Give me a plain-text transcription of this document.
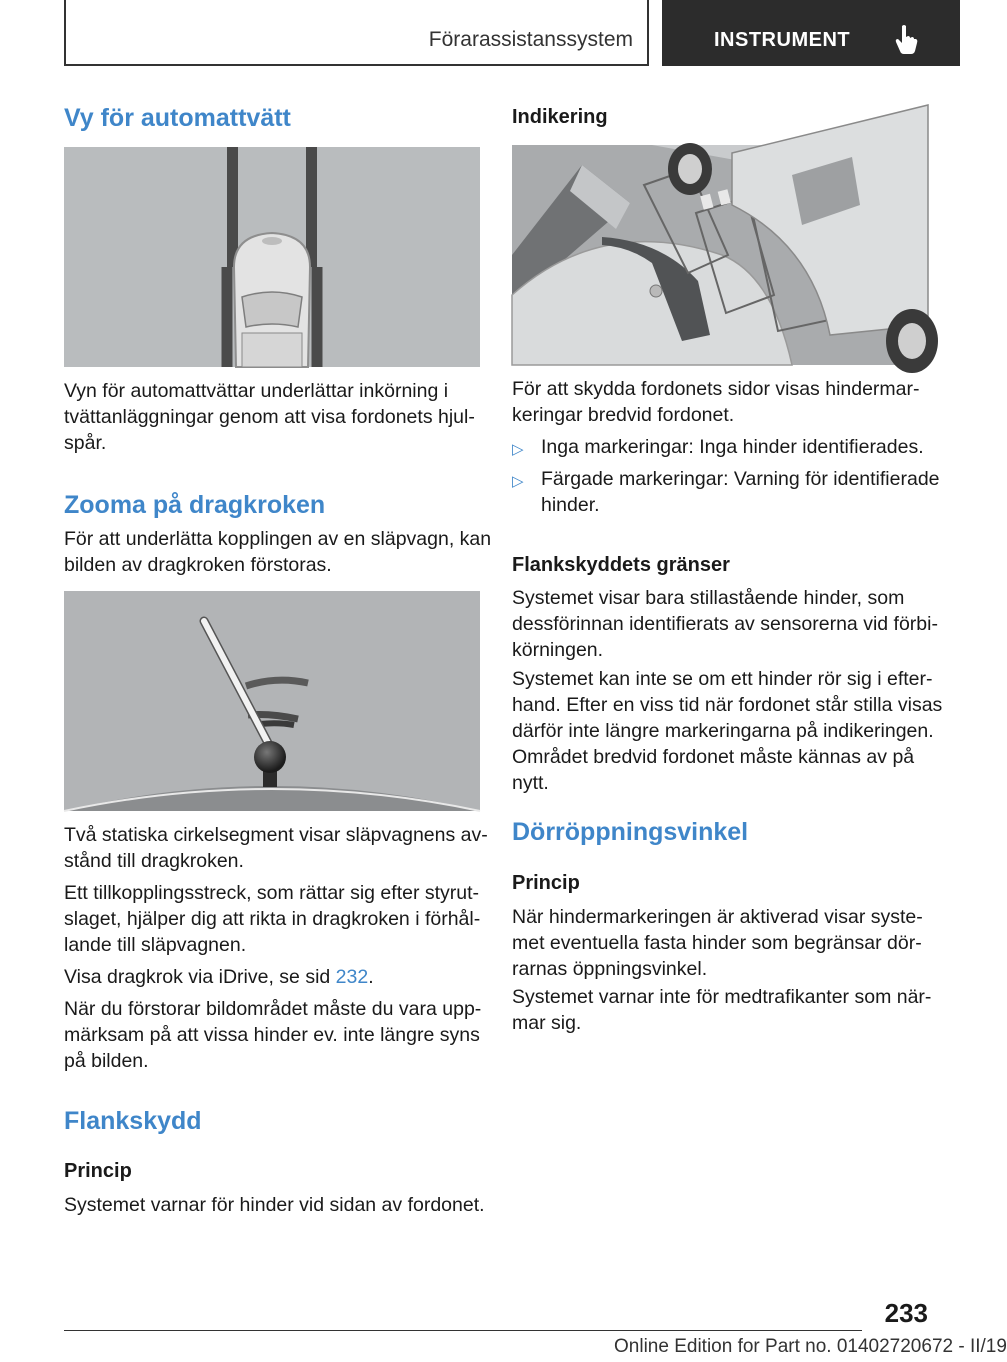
Förarassistanssystem	INSTRUMENT
Vy för automattvätt
Vyn för automattvättar underlättar inkörning i
tvättanläggningar genom att visa fordonets hjul-
spår.
Zooma på dragkroken
För att underlätta kopplingen av en släpvagn, kan
bilden av dragkroken förstoras.
Två statiska cirkelsegment visar släpvagnens av-
stånd till dragkroken.
Ett tillkopplingsstreck, som rättar sig efter styrut-
slaget, hjälper dig att rikta in dragkroken i förhål-
lande till släpvagnen.
Visa dragkrok via iDrive, se sid 232.
När du förstorar bildområdet måste du vara upp-
märksam på att vissa hinder ev. inte längre syns
på bilden.
Flankskydd
Princip
Systemet varnar för hinder vid sidan av fordonet.
Indikering
För att skydda fordonets sidor visas hindermar-
keringar bredvid fordonet.
▷ Inga markeringar: Inga hinder identifierades.
▷ Färgade markeringar: Varning för identifierade
hinder.
Flankskyddets gränser
Systemet visar bara stillastående hinder, som
dessförinnan identifierats av sensorerna vid förbi-
körningen.
Systemet kan inte se om ett hinder rör sig i efter-
hand. Efter en viss tid när fordonet står stilla visas
därför inte längre markeringarna på indikeringen.
Området bredvid fordonet måste kännas av på
nytt.
Dörröppningsvinkel
Princip
När hindermarkeringen är aktiverad visar syste-
met eventuella fasta hinder som begränsar dör-
rarnas öppningsvinkel.
Systemet varnar inte för medtrafikanter som när-
mar sig.
233
Online Edition for Part no. 01402720672 - II/19
